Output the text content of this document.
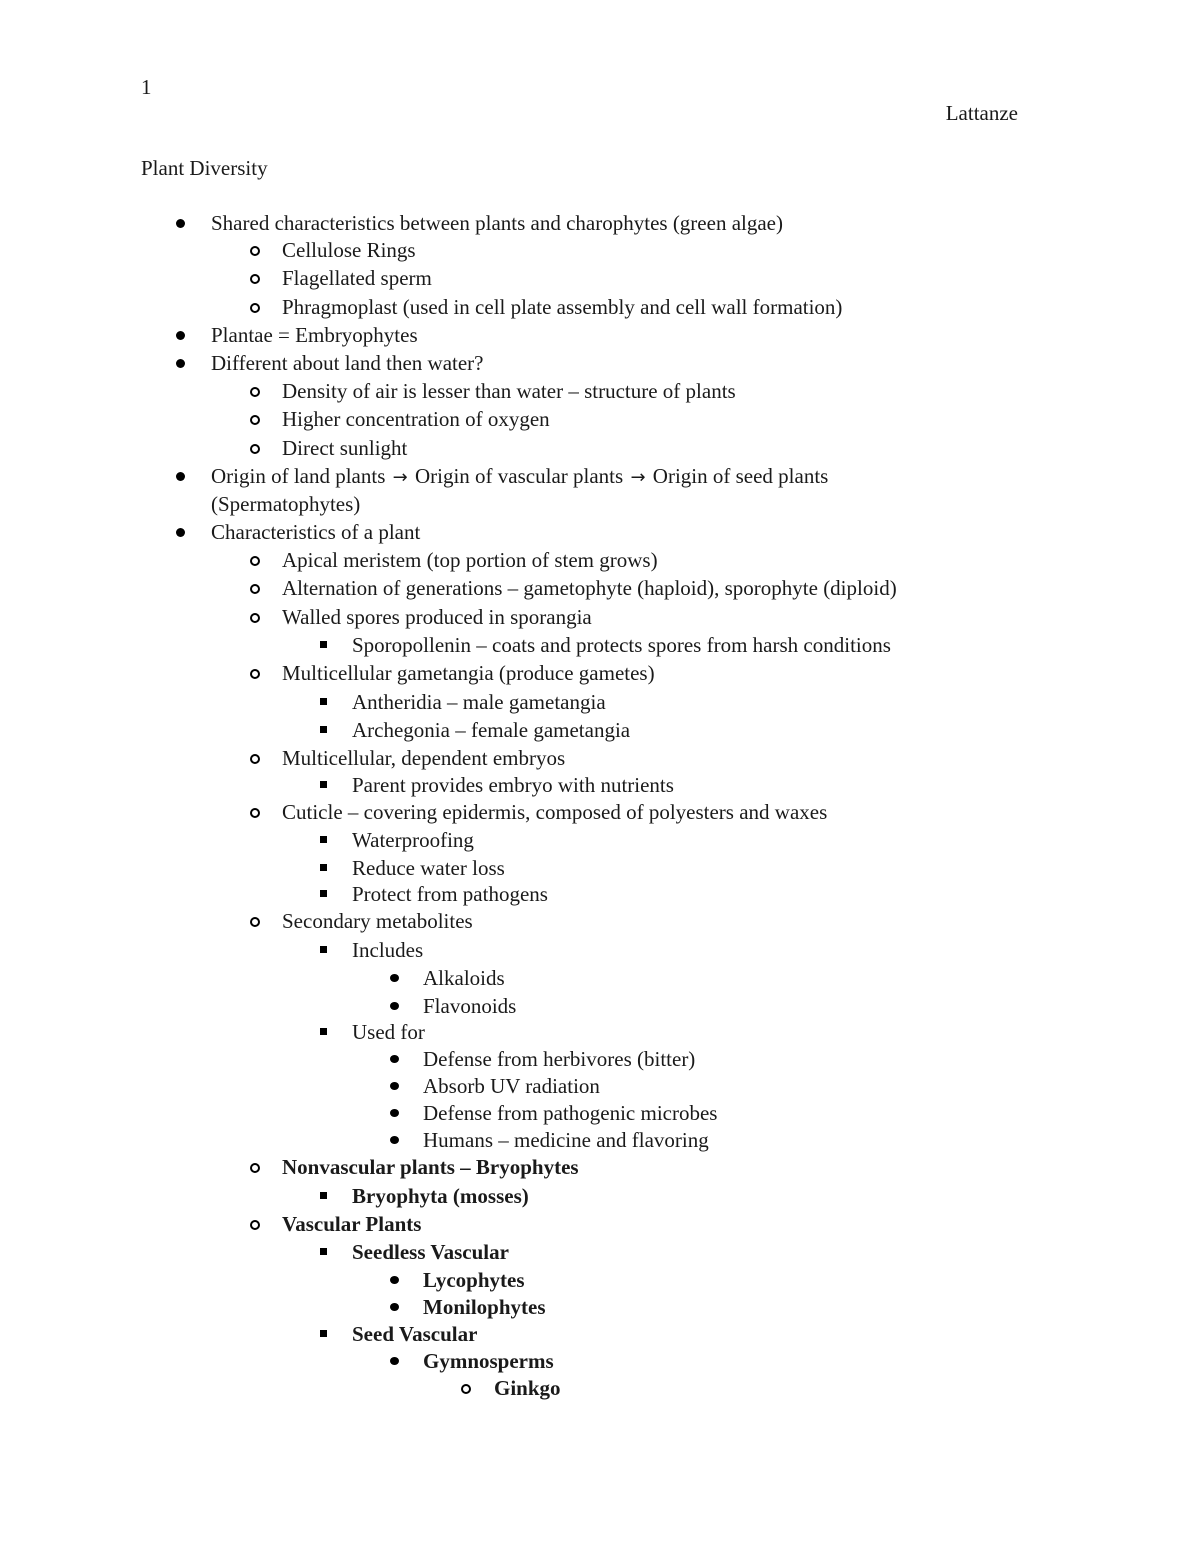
1
Lattanze
Plant Diversity
Shared characteristics between plants and charophytes (green algae)
Cellulose Rings
Flagellated sperm
Phragmoplast (used in cell plate assembly and cell wall formation)
Plantae = Embryophytes
Different about land then water?
Density of air is lesser than water – structure of plants
Higher concentration of oxygen
Direct sunlight
Origin of land plants → Origin of vascular plants → Origin of seed plants
(Spermatophytes)
Characteristics of a plant
Apical meristem (top portion of stem grows)
Alternation of generations – gametophyte (haploid), sporophyte (diploid)
Walled spores produced in sporangia
Sporopollenin – coats and protects spores from harsh conditions
Multicellular gametangia (produce gametes)
Antheridia – male gametangia
Archegonia – female gametangia
Multicellular, dependent embryos
Parent provides embryo with nutrients
Cuticle – covering epidermis, composed of polyesters and waxes
Waterproofing
Reduce water loss
Protect from pathogens
Secondary metabolites
Includes
Alkaloids
Flavonoids
Used for
Defense from herbivores (bitter)
Absorb UV radiation
Defense from pathogenic microbes
Humans – medicine and flavoring
Nonvascular plants – Bryophytes
Bryophyta (mosses)
Vascular Plants
Seedless Vascular
Lycophytes
Monilophytes
Seed Vascular
Gymnosperms
Ginkgo
